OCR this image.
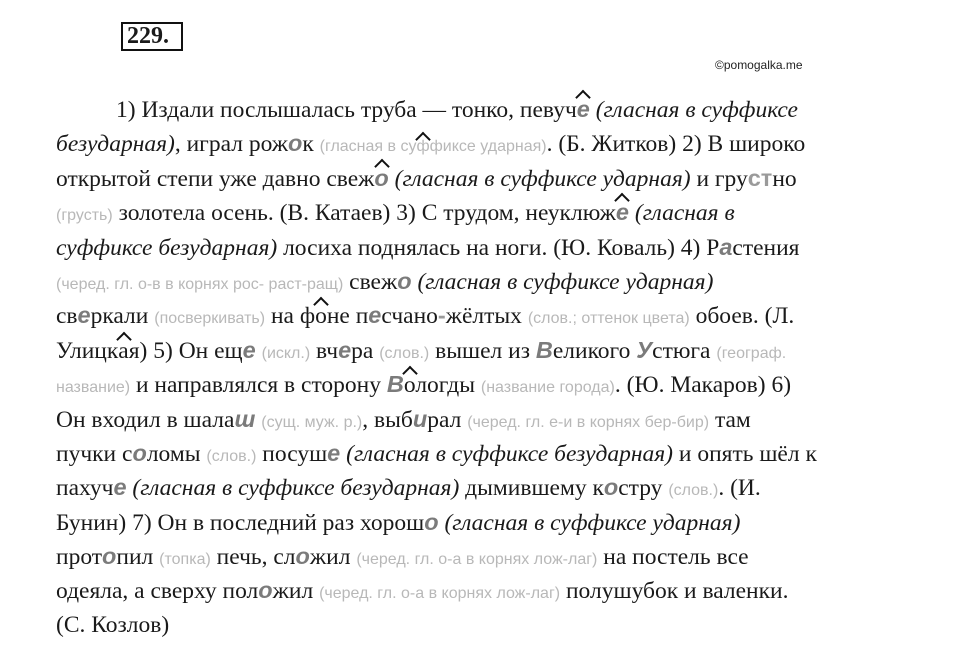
229.
©pomogalka.me
1) Издали послышалась труба — тонко, певуче (гласная в суффиксе
безударная), играл рожок (гласная в суффиксе ударная). (Б. Житков) 2) В широко
открытой степи уже давно свежо (гласная в суффиксе ударная) и грустно
(грусть) золотела осень. (В. Катаев) 3) С трудом, неуклюже (гласная в
суффиксе безударная) лосиха поднялась на ноги. (Ю. Коваль) 4) Растения
(черед. гл. о-в в корнях рос- раст-ращ) свежо (гласная в суффиксе ударная)
сверкали (посверкивать) на фоне песчано-жёлтых (слов.; оттенок цвета) обоев. (Л.
Улицкая) 5) Он еще (искл.) вчера (слов.) вышел из Великого Устюга (географ.
название) и направлялся в сторону Вологды (название города). (Ю. Макаров) 6)
Он входил в шалаш (сущ. муж. р.), выбирал (черед. гл. е-и в корнях бер-бир) там
пучки соломы (слов.) посуше (гласная в суффиксе безударная) и опять шёл к
пахуче (гласная в суффиксе безударная) дымившему костру (слов.). (И.
Бунин) 7) Он в последний раз хорошо (гласная в суффиксе ударная)
протопил (топка) печь, сложил (черед. гл. о-а в корнях лож-лаг) на постель все
одеяла, а сверху положил (черед. гл. о-а в корнях лож-лаг) полушубок и валенки.
(С. Козлов)
